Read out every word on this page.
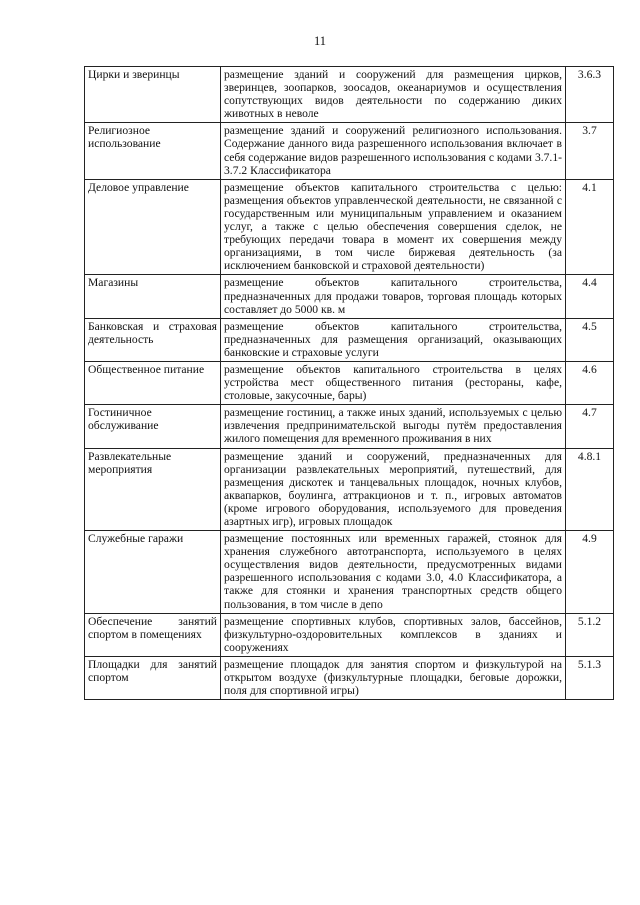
11
Цирки и зверинцы	размещение зданий и сооружений для размещения цирков, зверинцев, зоопарков, зоосадов, океанариумов и осуществления сопутствующих видов деятельности по содержанию диких животных в неволе	3.6.3
Религиозное использование	размещение зданий и сооружений религиозного использования. Содержание данного вида разрешенного использования включает в себя содержание видов разрешенного использования с кодами 3.7.1-3.7.2 Классификатора	3.7
Деловое управление	размещение объектов капитального строительства с целью: размещения объектов управленческой деятельности, не связанной с государственным или муниципальным управлением и оказанием услуг, а также с целью обеспечения совершения сделок, не требующих передачи товара в момент их совершения между организациями, в том числе биржевая деятельность (за исключением банковской и страховой деятельности)	4.1
Магазины	размещение объектов капитального строительства, предназначенных для продажи товаров, торговая площадь которых составляет до 5000 кв. м	4.4
Банковская и страховая деятельность	размещение объектов капитального строительства, предназначенных для размещения организаций, оказывающих банковские и страховые услуги	4.5
Общественное питание	размещение объектов капитального строительства в целях устройства мест общественного питания (рестораны, кафе, столовые, закусочные, бары)	4.6
Гостиничное обслуживание	размещение гостиниц, а также иных зданий, используемых с целью извлечения предпринимательской выгоды путём предоставления жилого помещения для временного проживания в них	4.7
Развлекательные мероприятия	размещение зданий и сооружений, предназначенных для организации развлекательных мероприятий, путешествий, для размещения дискотек и танцевальных площадок, ночных клубов, аквапарков, боулинга, аттракционов и т. п., игровых автоматов (кроме игрового оборудования, используемого для проведения азартных игр), игровых площадок	4.8.1
Служебные гаражи	размещение постоянных или временных гаражей, стоянок для хранения служебного автотранспорта, используемого в целях осуществления видов деятельности, предусмотренных видами разрешенного использования с кодами 3.0, 4.0 Классификатора, а также для стоянки и хранения транспортных средств общего пользования, в том числе в депо	4.9
Обеспечение занятий спортом в помещениях	размещение спортивных клубов, спортивных залов, бассейнов, физкультурно-оздоровительных комплексов в зданиях и сооружениях	5.1.2
Площадки для занятий спортом	размещение площадок для занятия спортом и физкультурой на открытом воздухе (физкультурные площадки, беговые дорожки, поля для спортивной игры)	5.1.3
